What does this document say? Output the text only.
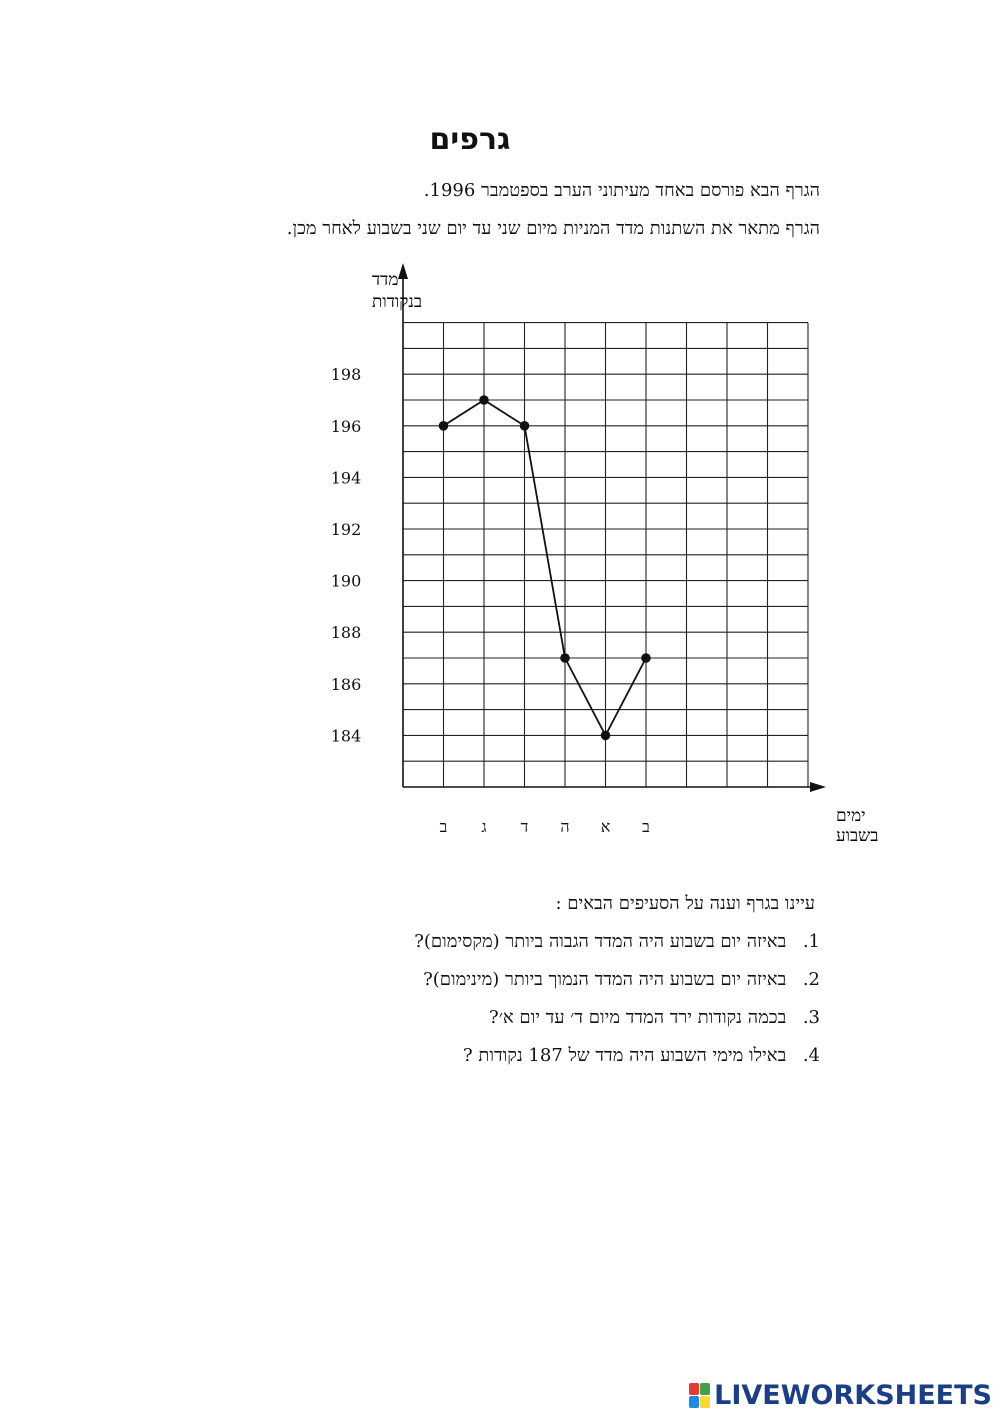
גרפים
הגרף הבא פורסם באחד מעיתוני הערב בספטמבר 1996.
הגרף מתאר את השתנות מדד המניות מיום שני עד יום שני בשבוע לאחר מכן.
184
186
188
190
192
194
196
198
ב ג ד ה א ב
מדד
בנקודות
ימים
בשבוע
עיינו בגרף וענה על הסעיפים הבאים :
1. באיזה יום בשבוע היה המדד הגבוה ביותר (מקסימום)?
2. באיזה יום בשבוע היה המדד הנמוך ביותר (מינימום)?
3. בכמה נקודות ירד המדד מיום ד׳ עד יום א׳?
4. באילו מימי השבוע היה מדד של 187 נקודות ?
LIVEWORKSHEETS
